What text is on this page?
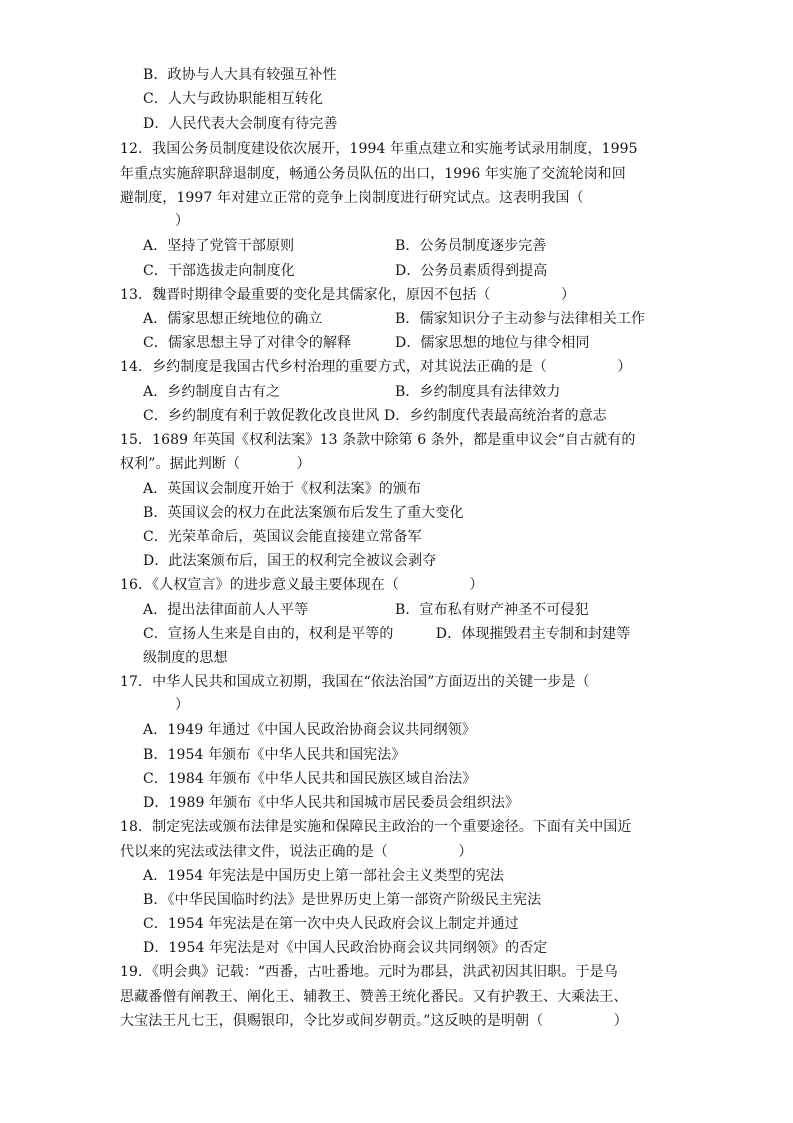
B．政协与人大具有较强互补性
C．人大与政协职能相互转化
D．人民代表大会制度有待完善
12．我国公务员制度建设依次展开，1994 年重点建立和实施考试录用制度，1995
年重点实施辞职辞退制度，畅通公务员队伍的出口，1996 年实施了交流轮岗和回
避制度，1997 年对建立正常的竞争上岗制度进行研究试点。这表明我国（
）
A．坚持了党管干部原则	B．公务员制度逐步完善
C．干部选拔走向制度化	D．公务员素质得到提高
13．魏晋时期律令最重要的变化是其儒家化，原因不包括（　　　　　）
A．儒家思想正统地位的确立	B．儒家知识分子主动参与法律相关工作
C．儒家思想主导了对律令的解释	D．儒家思想的地位与律令相同
14．乡约制度是我国古代乡村治理的重要方式，对其说法正确的是（　　　　　）
A．乡约制度自古有之	B．乡约制度具有法律效力
C．乡约制度有利于敦促教化改良世风 D．乡约制度代表最高统治者的意志
15．1689 年英国《权利法案》13 条款中除第 6 条外，都是重申议会“自古就有的
权利”。据此判断（　　　　）
A．英国议会制度开始于《权利法案》的颁布
B．英国议会的权力在此法案颁布后发生了重大变化
C．光荣革命后，英国议会能直接建立常备军
D．此法案颁布后，国王的权利完全被议会剥夺
16．《人权宣言》的进步意义最主要体现在（　　　　　）
A．提出法律面前人人平等	B．宣布私有财产神圣不可侵犯
C．宣扬人生来是自由的，权利是平等的　　　D．体现摧毁君主专制和封建等
级制度的思想
17．中华人民共和国成立初期，我国在“依法治国”方面迈出的关键一步是（
）
A．1949 年通过《中国人民政治协商会议共同纲领》
B．1954 年颁布《中华人民共和国宪法》
C．1984 年颁布《中华人民共和国民族区域自治法》
D．1989 年颁布《中华人民共和国城市居民委员会组织法》
18．制定宪法或颁布法律是实施和保障民主政治的一个重要途径。下面有关中国近
代以来的宪法或法律文件，说法正确的是（　　　　　）
A．1954 年宪法是中国历史上第一部社会主义类型的宪法
B．《中华民国临时约法》是世界历史上第一部资产阶级民主宪法
C．1954 年宪法是在第一次中央人民政府会议上制定并通过
D．1954 年宪法是对《中国人民政治协商会议共同纲领》的否定
19．《明会典》记载：“西番，古吐番地。元时为郡县，洪武初因其旧职。于是乌
思藏番僧有阐教王、阐化王、辅教王、赞善王统化番民。又有护教王、大乘法王、
大宝法王凡七王，俱赐银印，令比岁或间岁朝贡。”这反映的是明朝（　　　　　）
